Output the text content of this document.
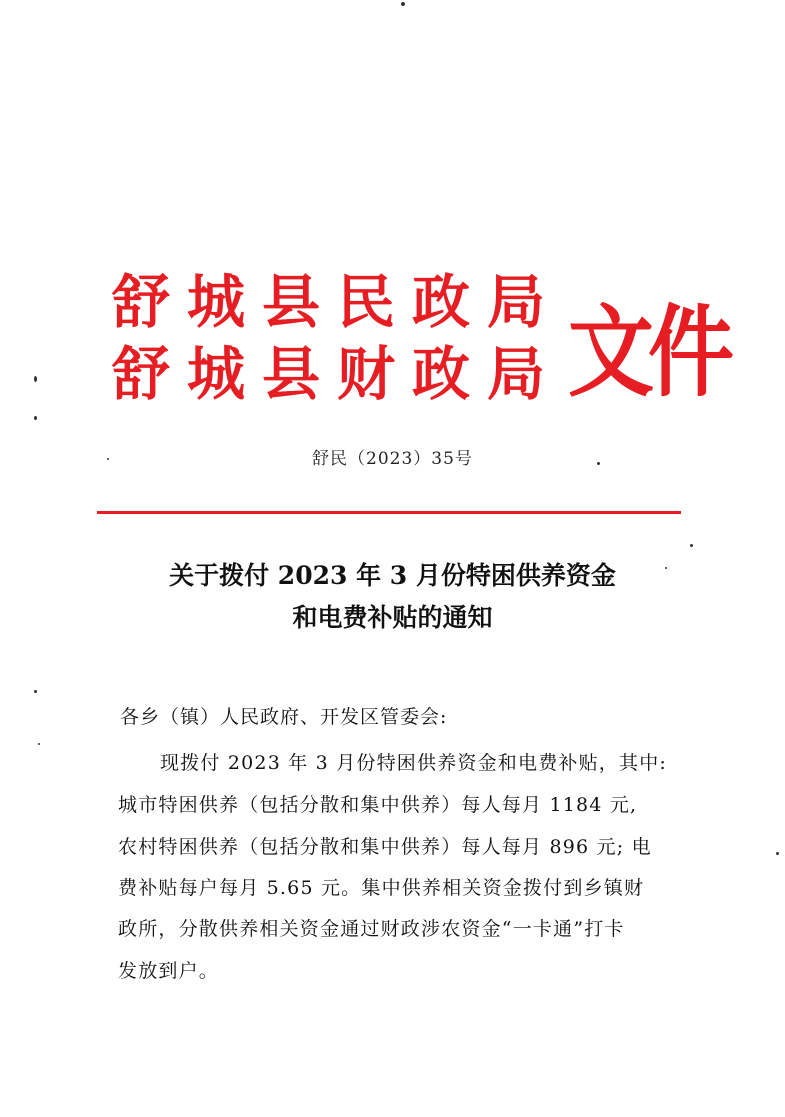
舒城县民政局
舒城县财政局 文件
舒民（2023）35号
关于拨付 2023 年 3 月份特困供养资金
和电费补贴的通知
各乡（镇）人民政府、开发区管委会:
现拨付 2023 年 3 月份特困供养资金和电费补贴，其中:
城市特困供养（包括分散和集中供养）每人每月 1184 元,
农村特困供养（包括分散和集中供养）每人每月 896 元; 电
费补贴每户每月 5.65 元。集中供养相关资金拨付到乡镇财
政所，分散供养相关资金通过财政涉农资金“一卡通”打卡
发放到户。
